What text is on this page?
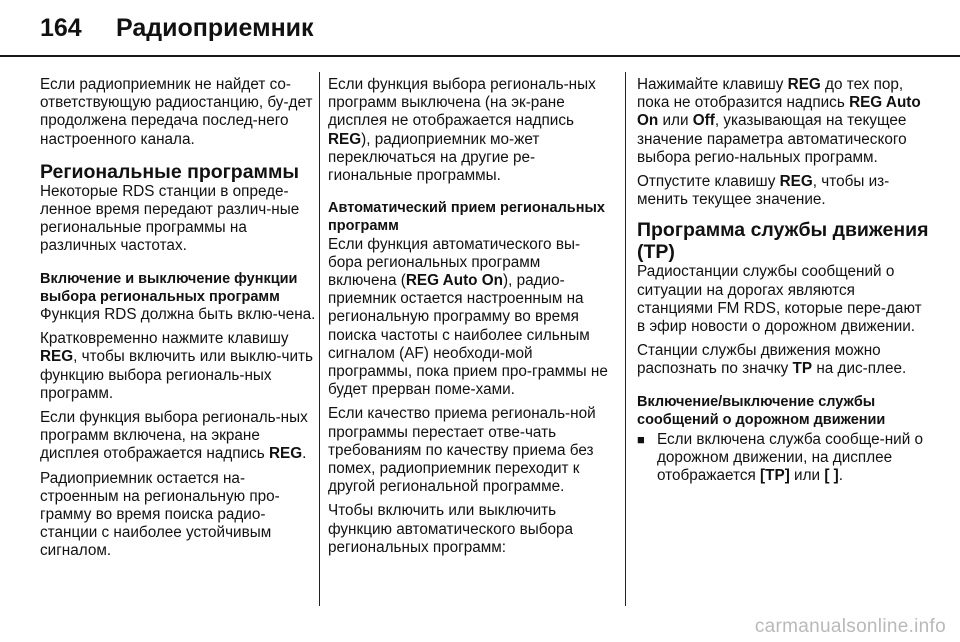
164 Радиоприемник

Если радиоприемник не найдет со-ответствующую радиостанцию, бу-дет продолжена передача послед-него настроенного канала.

Региональные программы

Некоторые RDS станции в опреде-ленное время передают различ-ные региональные программы на различных частотах.

Включение и выключение функции выбора региональных программ

Функция RDS должна быть вклю-чена.

Кратковременно нажмите клавишу REG, чтобы включить или выклю-чить функцию выбора региональ-ных программ.

Если функция выбора региональ-ных программ включена, на экране дисплея отображается надпись REG.

Радиоприемник остается на-строенным на региональную про-грамму во время поиска радио-станции с наиболее устойчивым сигналом.

Если функция выбора региональ-ных программ выключена (на эк-ране дисплея не отображается надпись REG), радиоприемник мо-жет переключаться на другие ре-гиональные программы.

Автоматический прием региональных программ

Если функция автоматического вы-бора региональных программ включена (REG Auto On), радио-приемник остается настроенным на региональную программу во время поиска частоты с наиболее сильным сигналом (AF) необходи-мой программы, пока прием про-граммы не будет прерван поме-хами.

Если качество приема региональ-ной программы перестает отве-чать требованиям по качеству приема без помех, радиоприемник переходит к другой региональной программе.

Чтобы включить или выключить функцию автоматического выбора региональных программ:

Нажимайте клавишу REG до тех пор, пока не отобразится надпись REG Auto On или Off, указывающая на текущее значение параметра автоматического выбора регио-нальных программ.

Отпустите клавишу REG, чтобы из-менить текущее значение.

Программа службы движения (TP)

Радиостанции службы сообщений о ситуации на дорогах являются станциями FM RDS, которые пере-дают в эфир новости о дорожном движении.

Станции службы движения можно распознать по значку TP на дис-плее.

Включение/выключение службы сообщений о дорожном движении
■ Если включена служба сообще-ний о дорожном движении, на дисплее отображается [TP] или [ ].
carmanualsonline.info
